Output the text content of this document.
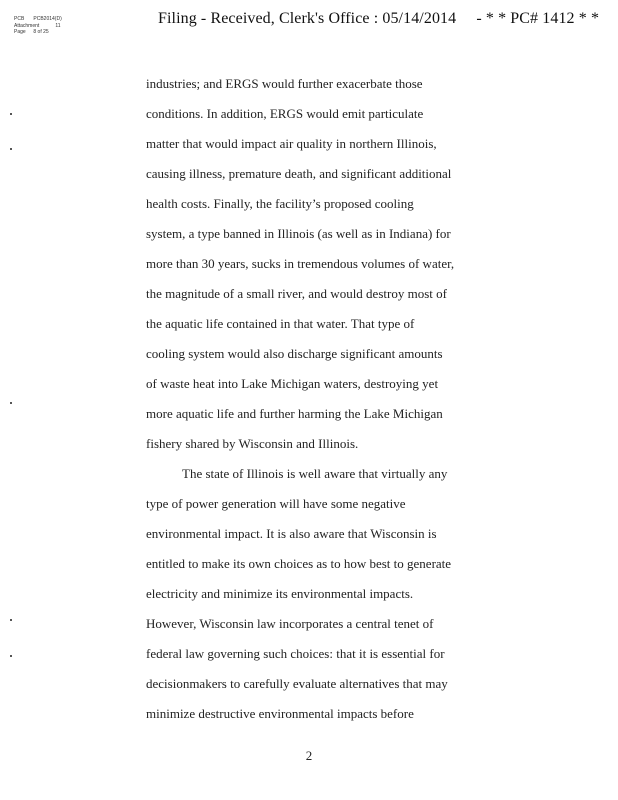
PCB PCB2014(D)
Attachment	11
Page 8 of 25
Filing - Received, Clerk's Office : 05/14/2014 - * * PC# 1412 * *
industries; and ERGS would further exacerbate those
conditions. In addition, ERGS would emit particulate
matter that would impact air quality in northern Illinois,
causing illness, premature death, and significant additional
health costs. Finally, the facility’s proposed cooling
system, a type banned in Illinois (as well as in Indiana) for
more than 30 years, sucks in tremendous volumes of water,
the magnitude of a small river, and would destroy most of
the aquatic life contained in that water. That type of
cooling system would also discharge significant amounts
of waste heat into Lake Michigan waters, destroying yet
more aquatic life and further harming the Lake Michigan
fishery shared by Wisconsin and Illinois.
The state of Illinois is well aware that virtually any
type of power generation will have some negative
environmental impact. It is also aware that Wisconsin is
entitled to make its own choices as to how best to generate
electricity and minimize its environmental impacts.
However, Wisconsin law incorporates a central tenet of
federal law governing such choices: that it is essential for
decisionmakers to carefully evaluate alternatives that may
minimize destructive environmental impacts before
2
